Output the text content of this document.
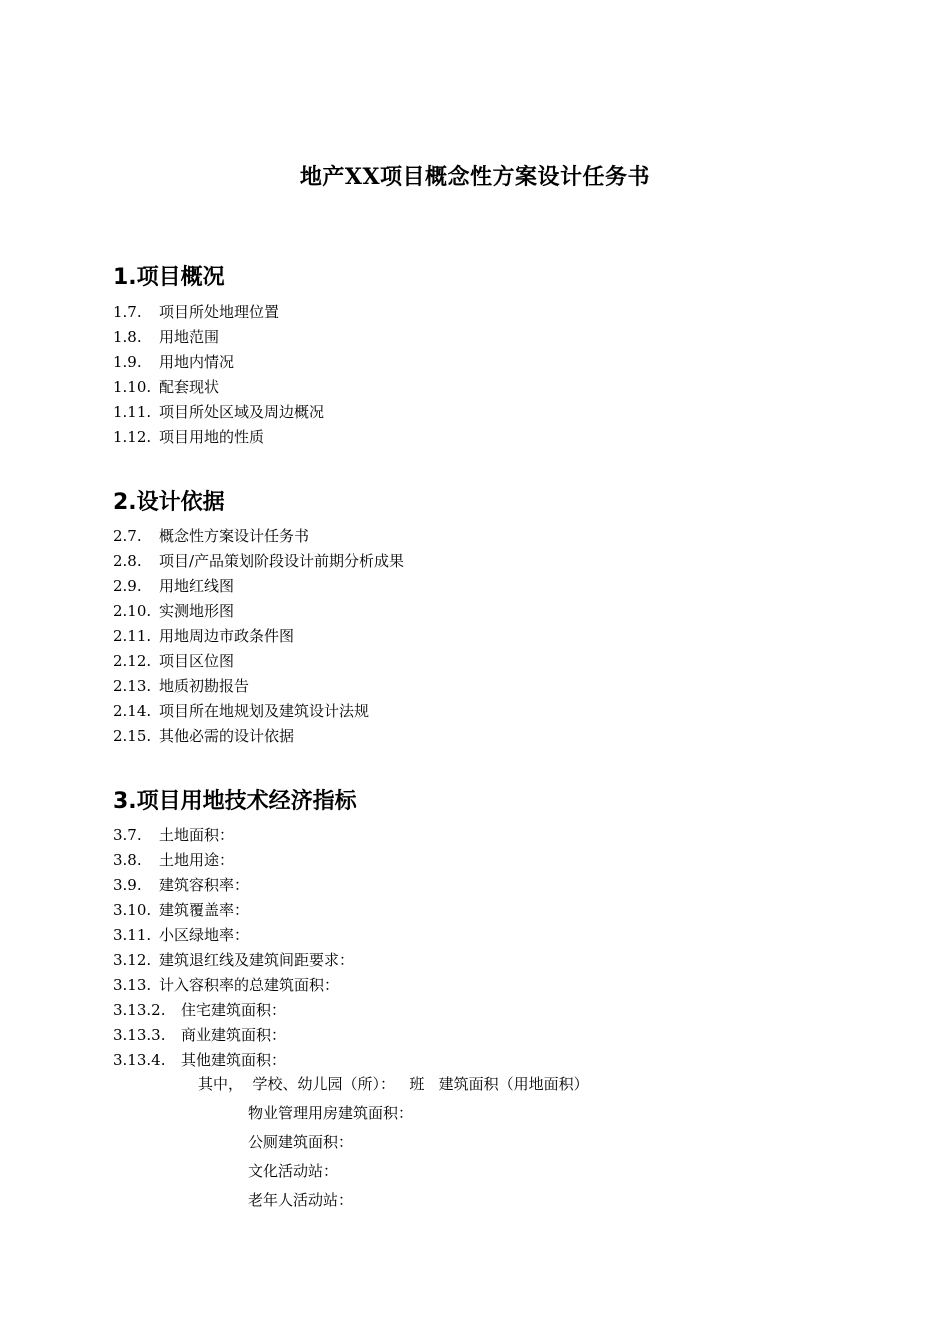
地产XX项目概念性方案设计任务书
1.项目概况
1.7. 项目所处地理位置
1.8. 用地范围
1.9. 用地内情况
1.10. 配套现状
1.11. 项目所处区域及周边概况
1.12. 项目用地的性质
2.设计依据
2.7. 概念性方案设计任务书
2.8. 项目/产品策划阶段设计前期分析成果
2.9. 用地红线图
2.10. 实测地形图
2.11. 用地周边市政条件图
2.12. 项目区位图
2.13. 地质初勘报告
2.14. 项目所在地规划及建筑设计法规
2.15. 其他必需的设计依据
3.项目用地技术经济指标
3.7. 土地面积：
3.8. 土地用途：
3.9. 建筑容积率：
3.10. 建筑覆盖率：
3.11. 小区绿地率：
3.12. 建筑退红线及建筑间距要求：
3.13. 计入容积率的总建筑面积：
3.13.2. 住宅建筑面积：
3.13.3. 商业建筑面积：
3.13.4. 其他建筑面积：
其中，  学校、幼儿园（所）：   班   建筑面积（用地面积）
物业管理用房建筑面积：
公厕建筑面积：
文化活动站：
老年人活动站：
